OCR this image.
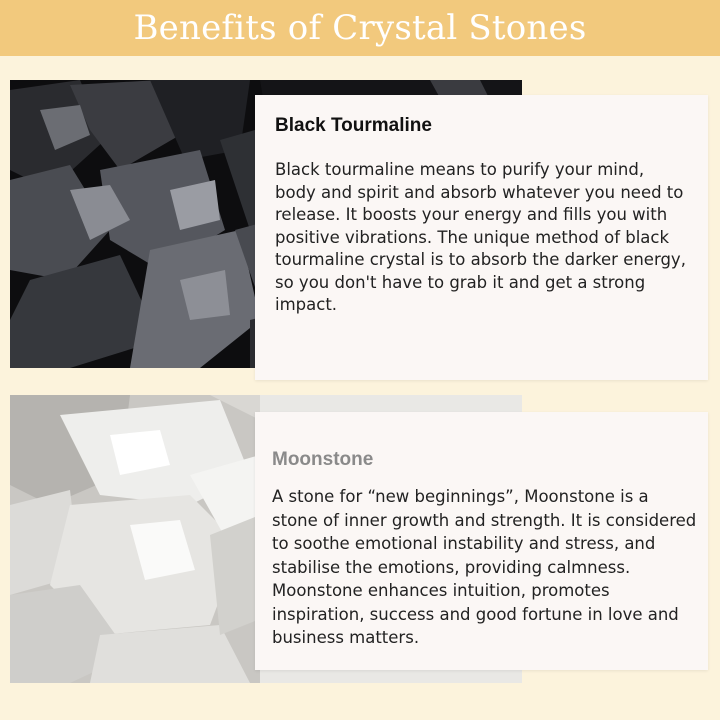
Benefits of Crystal Stones
Black Tourmaline

Black tourmaline means to purify your mind, body and spirit and absorb whatever you need to release. It boosts your energy and fills you with positive vibrations. The unique method of black tourmaline crystal is to absorb the darker energy, so you don't have to grab it and get a strong impact.

Moonstone

A stone for “new beginnings”, Moonstone is a stone of inner growth and strength. It is considered to soothe emotional instability and stress, and stabilise the emotions, providing calmness. Moonstone enhances intuition, promotes inspiration, success and good fortune in love and business matters.
